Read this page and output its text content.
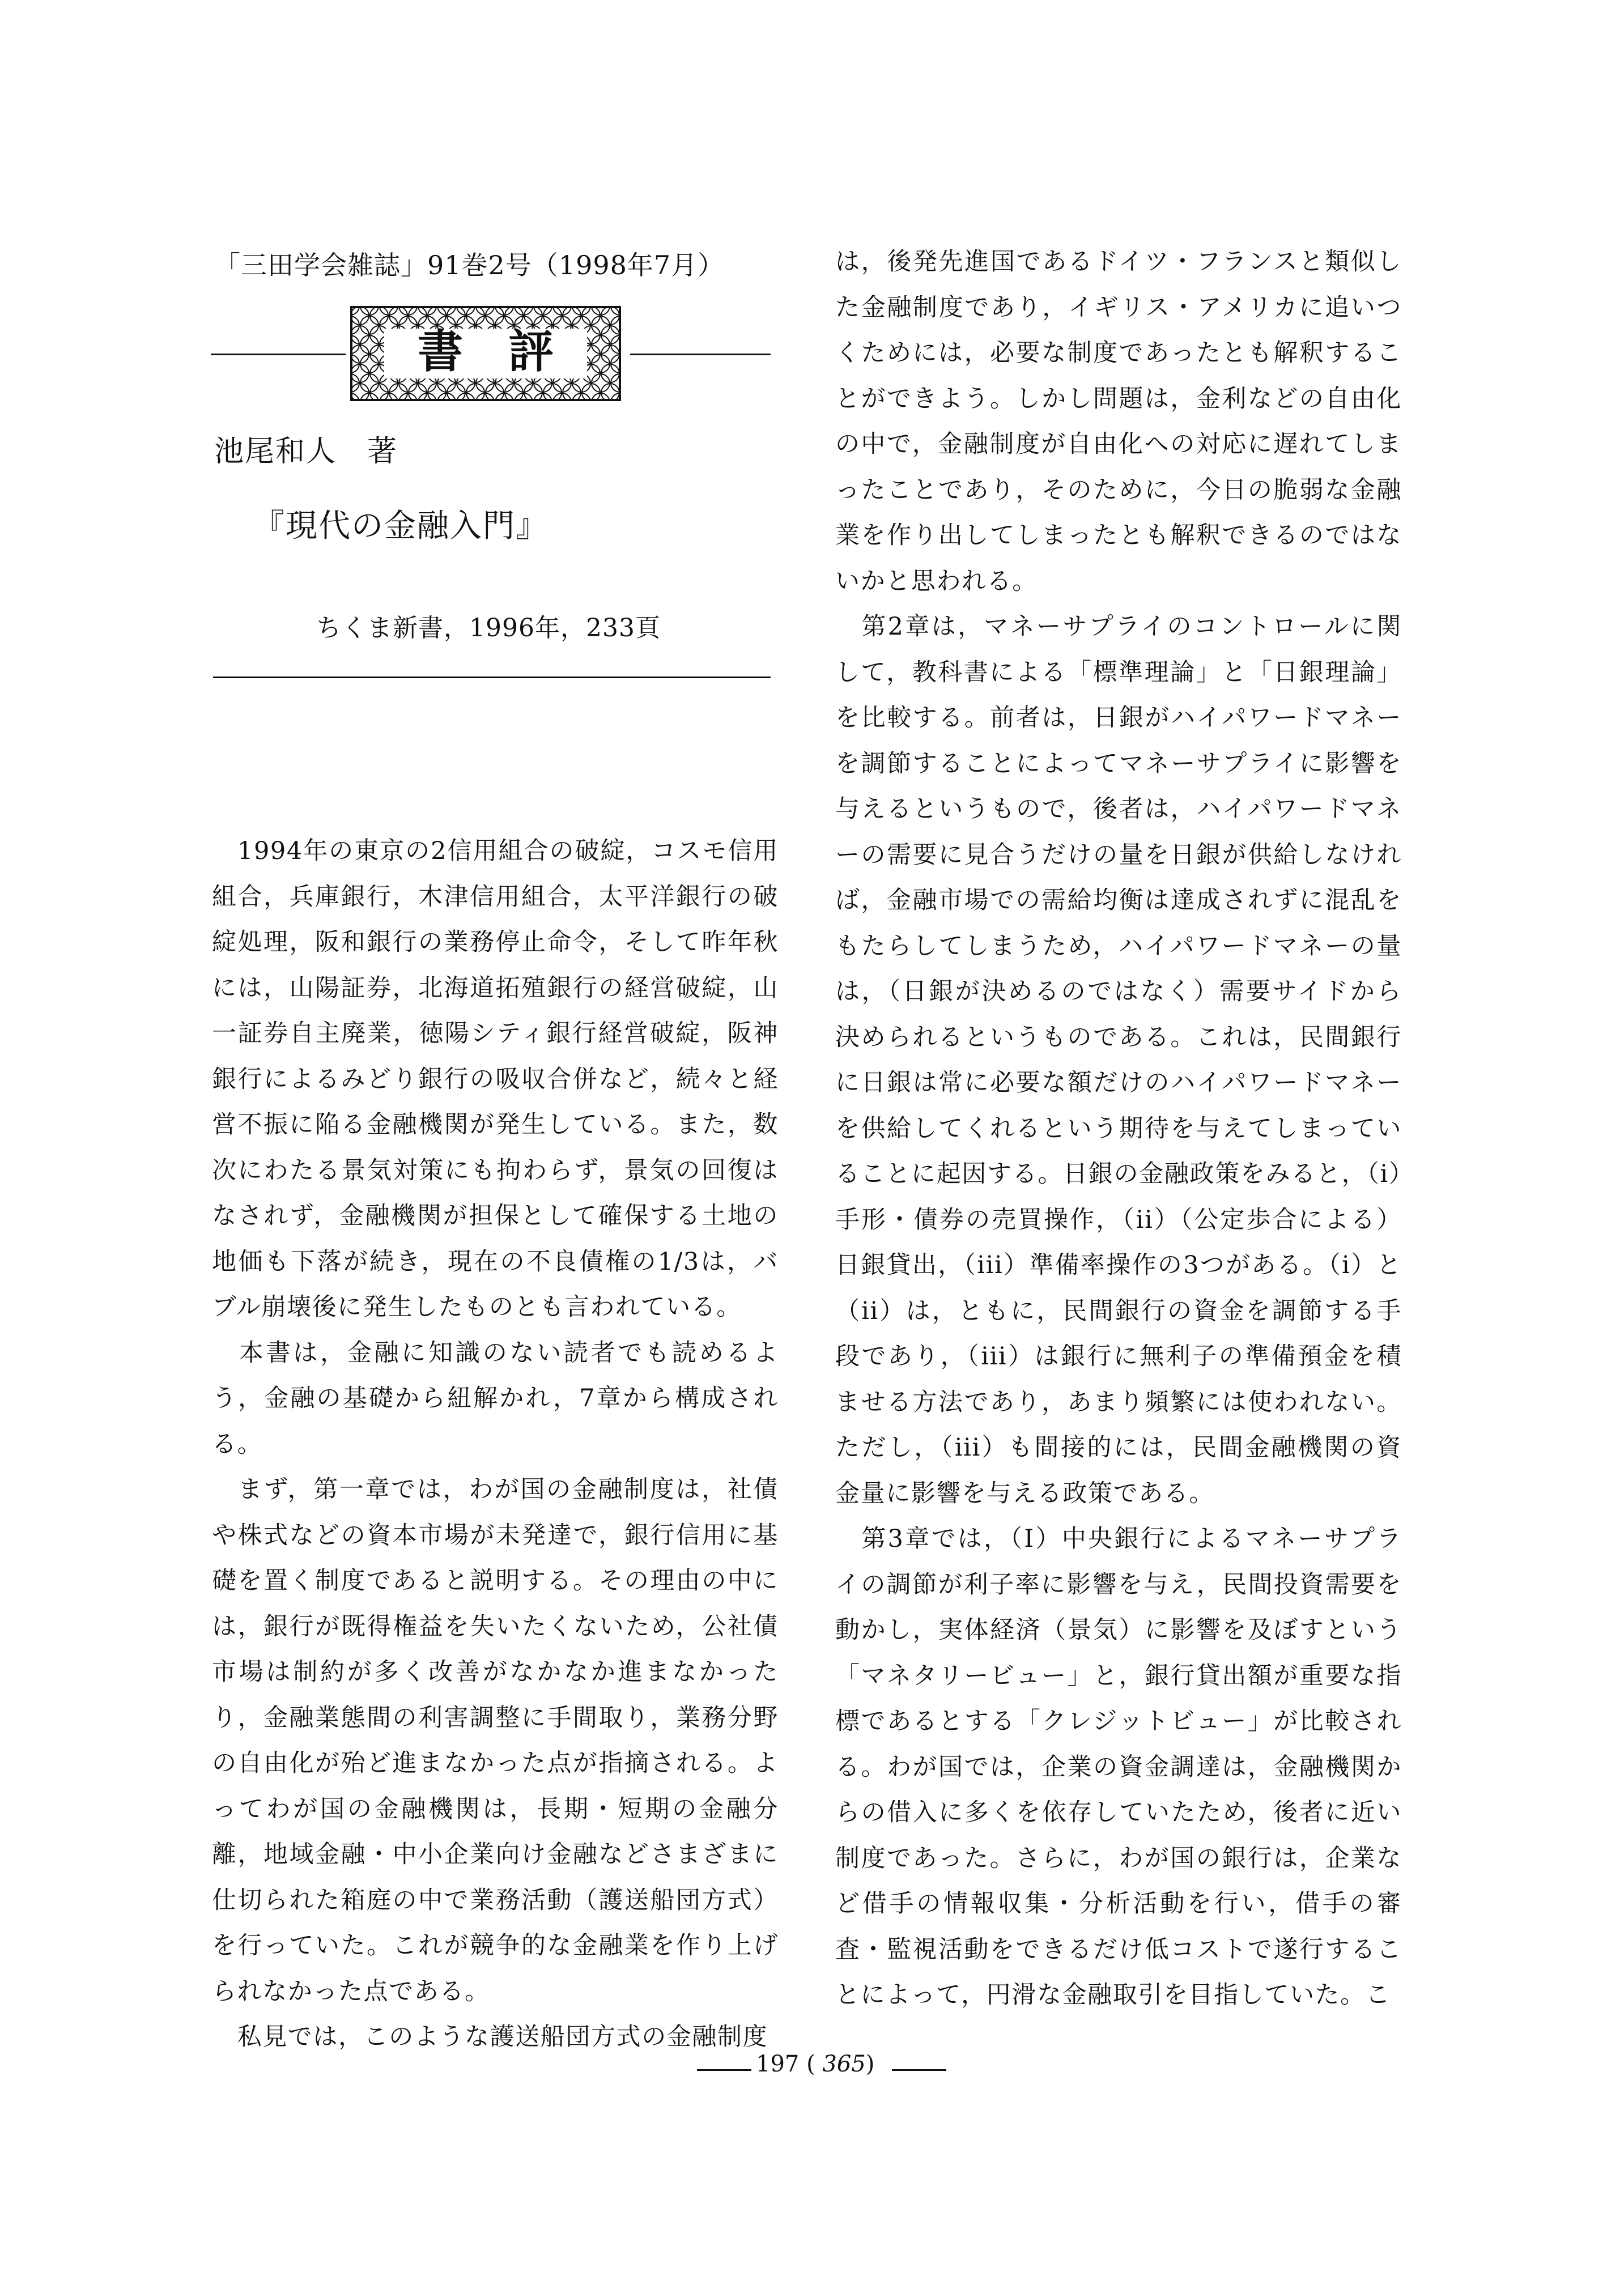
「三田学会雑誌」91巻2号（1998年7月）
書　評
池尾和人　著
『現代の金融入門』
ちくま新書，1996年，233頁

　1994年の東京の2信用組合の破綻，コスモ信用組合，兵庫銀行，木津信用組合，太平洋銀行の破綻処理，阪和銀行の業務停止命令，そして昨年秋には，山陽証券，北海道拓殖銀行の経営破綻，山一証券自主廃業，徳陽シティ銀行経営破綻，阪神銀行によるみどり銀行の吸収合併など，続々と経営不振に陥る金融機関が発生している。また，数次にわたる景気対策にも拘わらず，景気の回復はなされず，金融機関が担保として確保する土地の地価も下落が続き，現在の不良債権の1/3は，バブル崩壊後に発生したものとも言われている。

　本書は，金融に知識のない読者でも読めるよう，金融の基礎から紐解かれ，7章から構成される。

　まず，第一章では，わが国の金融制度は，社債や株式などの資本市場が未発達で，銀行信用に基礎を置く制度であると説明する。その理由の中には，銀行が既得権益を失いたくないため，公社債市場は制約が多く改善がなかなか進まなかったり，金融業態間の利害調整に手間取り，業務分野の自由化が殆ど進まなかった点が指摘される。よってわが国の金融機関は，長期・短期の金融分離，地域金融・中小企業向け金融などさまざまに仕切られた箱庭の中で業務活動（護送船団方式）を行っていた。これが競争的な金融業を作り上げられなかった点である。

　私見では，このような護送船団方式の金融制度

は，後発先進国であるドイツ・フランスと類似した金融制度であり，イギリス・アメリカに追いつくためには，必要な制度であったとも解釈することができよう。しかし問題は，金利などの自由化の中で，金融制度が自由化への対応に遅れてしまったことであり，そのために，今日の脆弱な金融業を作り出してしまったとも解釈できるのではないかと思われる。

　第2章は，マネーサプライのコントロールに関して，教科書による「標準理論」と「日銀理論」を比較する。前者は，日銀がハイパワードマネーを調節することによってマネーサプライに影響を与えるというもので，後者は，ハイパワードマネーの需要に見合うだけの量を日銀が供給しなければ，金融市場での需給均衡は達成されずに混乱をもたらしてしまうため，ハイパワードマネーの量は，（日銀が決めるのではなく）需要サイドから決められるというものである。これは，民間銀行に日銀は常に必要な額だけのハイパワードマネーを供給してくれるという期待を与えてしまっていることに起因する。日銀の金融政策をみると，（i）手形・債券の売買操作，（ii）（公定歩合による）日銀貸出，（iii）準備率操作の3つがある。（i）と（ii）は，ともに，民間銀行の資金を調節する手段であり，（iii）は銀行に無利子の準備預金を積ませる方法であり，あまり頻繁には使われない。ただし，（iii）も間接的には，民間金融機関の資金量に影響を与える政策である。

　第3章では，（I）中央銀行によるマネーサプライの調節が利子率に影響を与え，民間投資需要を動かし，実体経済（景気）に影響を及ぼすという「マネタリービュー」と，銀行貸出額が重要な指標であるとする「クレジットビュー」が比較される。わが国では，企業の資金調達は，金融機関からの借入に多くを依存していたため，後者に近い制度であった。さらに，わが国の銀行は，企業など借手の情報収集・分析活動を行い，借手の審査・監視活動をできるだけ低コストで遂行することによって，円滑な金融取引を目指していた。こ

197 ( 365)
